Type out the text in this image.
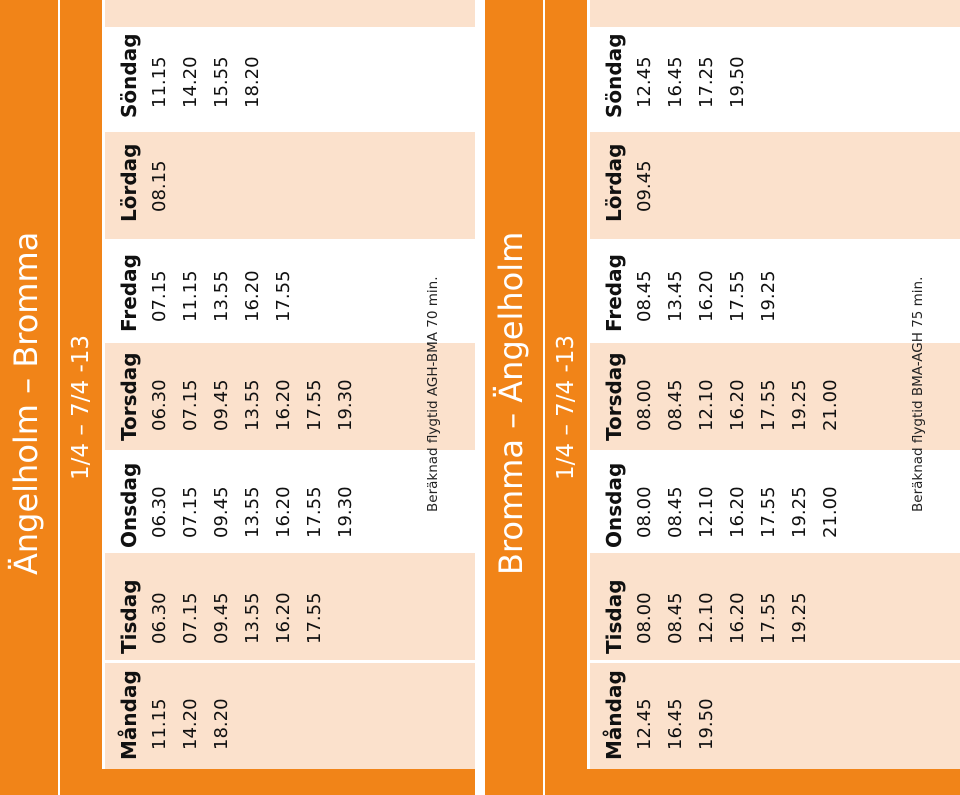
Ängelholm – Bromma 1/4 – 7/4 -13
Måndag 11.15 14.20 18.20
Tisdag 06.30 07.15 09.45 13.55 16.20 17.55
Onsdag 06.30 07.15 09.45 13.55 16.20 17.55 19.30
Torsdag 06.30 07.15 09.45 13.55 16.20 17.55 19.30
Fredag 07.15 11.15 13.55 16.20 17.55
Lördag 08.15
Söndag 11.15 14.20 15.55 18.20
Beräknad flygtid AGH-BMA 70 min. Bromma – Ängelholm 1/4 – 7/4 -13
Måndag 12.45 16.45 19.50
Tisdag 08.00 08.45 12.10 16.20 17.55 19.25
Onsdag 08.00 08.45 12.10 16.20 17.55 19.25 21.00
Torsdag 08.00 08.45 12.10 16.20 17.55 19.25 21.00
Fredag 08.45 13.45 16.20 17.55 19.25
Lördag 09.45
Söndag 12.45 16.45 17.25 19.50
Beräknad flygtid BMA-AGH 75 min.
